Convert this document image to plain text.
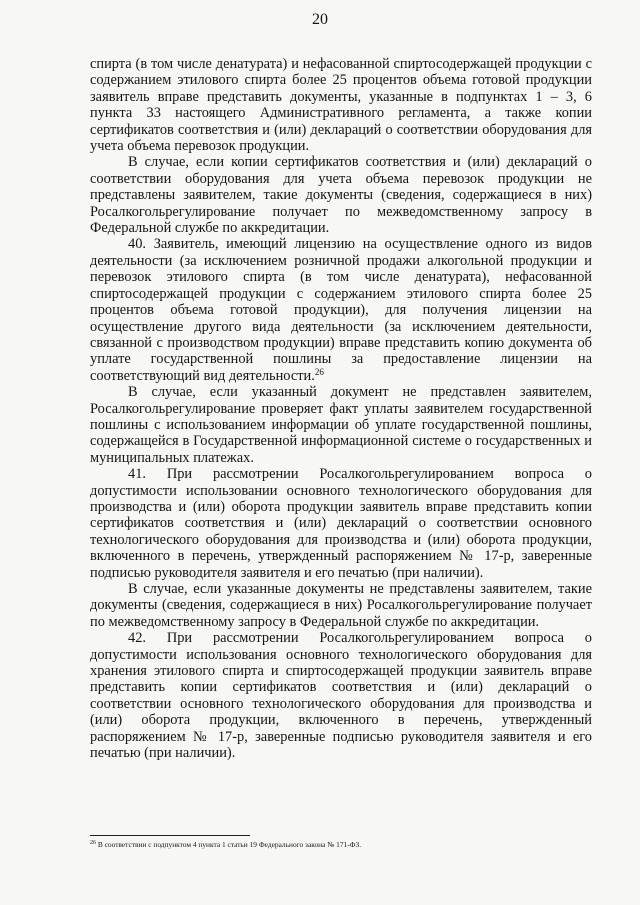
20

спирта (в том числе денатурата) и нефасованной спиртосодержащей продукции с содержанием этилового спирта более 25 процентов объема готовой продукции заявитель вправе представить документы, указанные в подпунктах 1 – 3, 6 пункта 33 настоящего Административного регламента, а также копии сертификатов соответствия и (или) деклараций о соответствии оборудования для учета объема перевозок продукции.

В случае, если копии сертификатов соответствия и (или) деклараций о соответствии оборудования для учета объема перевозок продукции не представлены заявителем, такие документы (сведения, содержащиеся в них) Росалкогольрегулирование получает по межведомственному запросу в Федеральной службе по аккредитации.

40. Заявитель, имеющий лицензию на осуществление одного из видов деятельности (за исключением розничной продажи алкогольной продукции и перевозок этилового спирта (в том числе денатурата), нефасованной спиртосодержащей продукции с содержанием этилового спирта более 25 процентов объема готовой продукции), для получения лицензии на осуществление другого вида деятельности (за исключением деятельности, связанной с производством продукции) вправе представить копию документа об уплате государственной пошлины за предоставление лицензии на соответствующий вид деятельности.$^{26}$

В случае, если указанный документ не представлен заявителем, Росалкогольрегулирование проверяет факт уплаты заявителем государственной пошлины с использованием информации об уплате государственной пошлины, содержащейся в Государственной информационной системе о государственных и муниципальных платежах.

41. При рассмотрении Росалкогольрегулированием вопроса о допустимости использовании основного технологического оборудования для производства и (или) оборота продукции заявитель вправе представить копии сертификатов соответствия и (или) деклараций о соответствии основного технологического оборудования для производства и (или) оборота продукции, включенного в перечень, утвержденный распоряжением № 17-р, заверенные подписью руководителя заявителя и его печатью (при наличии).

В случае, если указанные документы не представлены заявителем, такие документы (сведения, содержащиеся в них) Росалкогольрегулирование получает по межведомственному запросу в Федеральной службе по аккредитации.

42. При рассмотрении Росалкогольрегулированием вопроса о допустимости использования основного технологического оборудования для хранения этилового спирта и спиртосодержащей продукции заявитель вправе представить копии сертификатов соответствия и (или) деклараций о соответствии основного технологического оборудования для производства и (или) оборота продукции, включенного в перечень, утвержденный распоряжением № 17-р, заверенные подписью руководителя заявителя и его печатью (при наличии).

$^{26}$ В соответствии с подпунктом 4 пункта 1 статьи 19 Федерального закона № 171-ФЗ.
